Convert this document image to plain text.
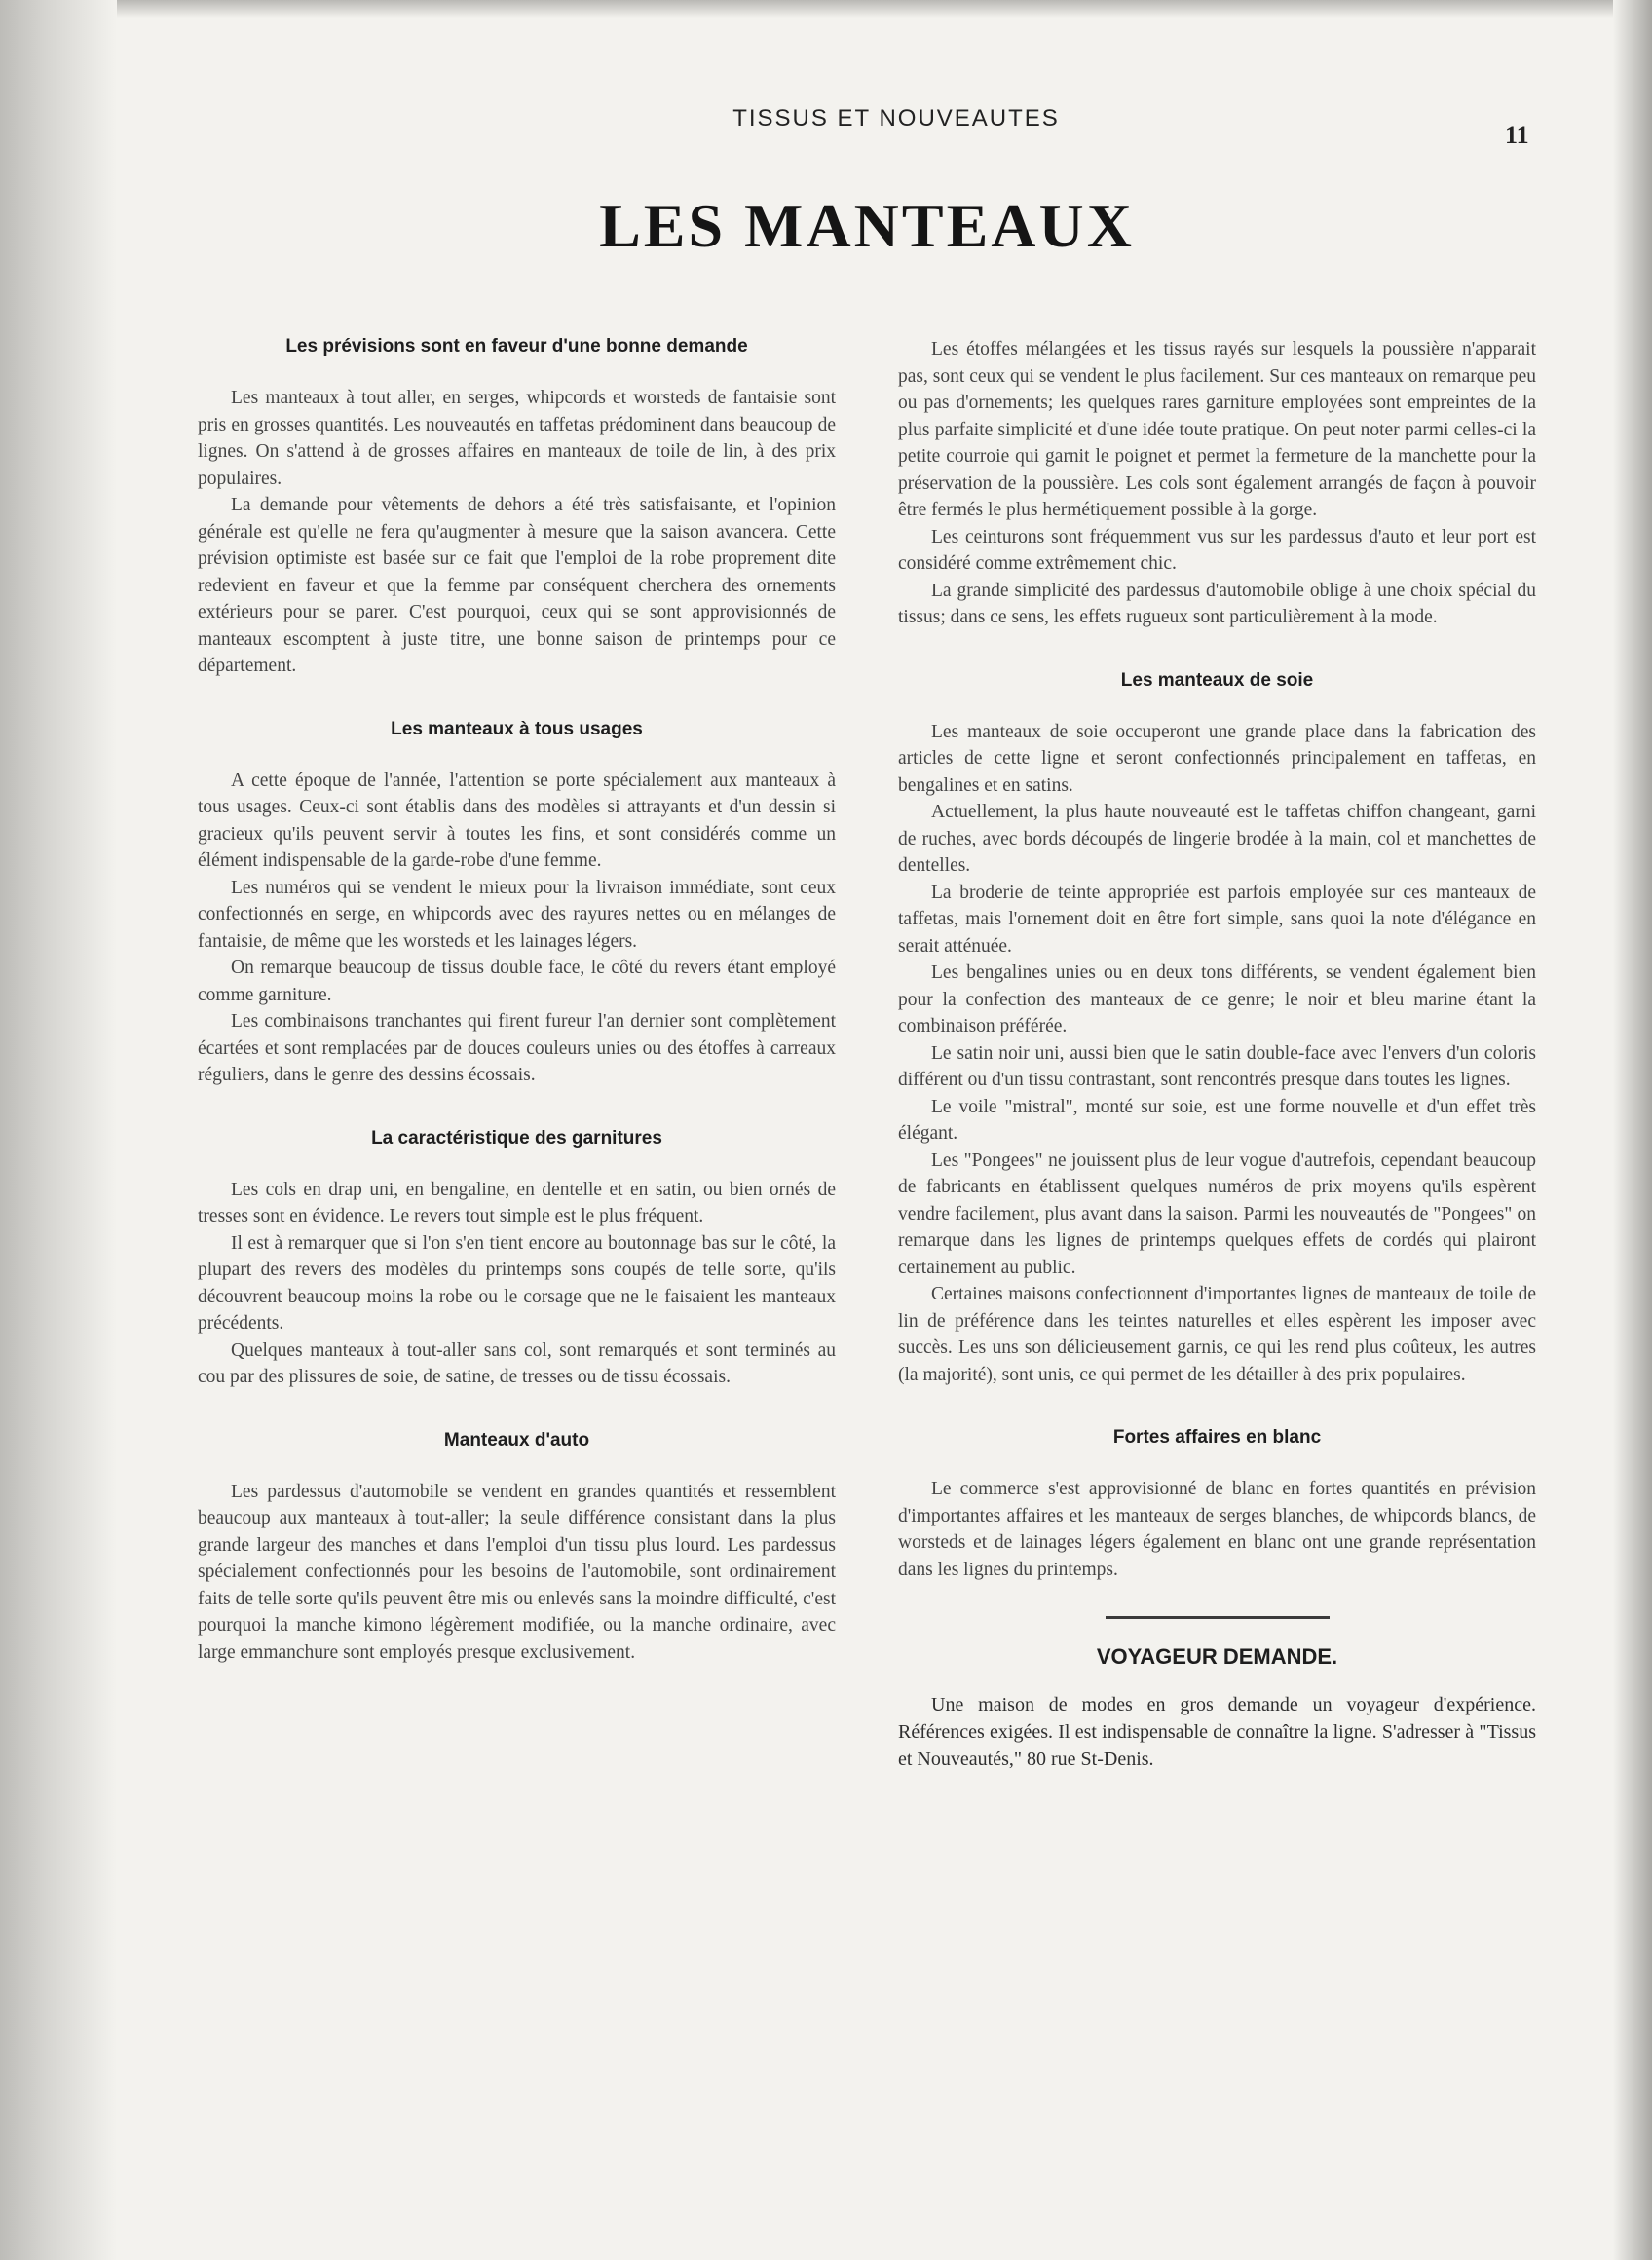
TISSUS ET NOUVEAUTES
11
LES MANTEAUX
Les prévisions sont en faveur d'une bonne demande

Les manteaux à tout aller, en serges, whipcords et worsteds de fantaisie sont pris en grosses quantités. Les nouveautés en taffetas prédominent dans beaucoup de lignes. On s'attend à de grosses affaires en manteaux de toile de lin, à des prix populaires.

La demande pour vêtements de dehors a été très satisfaisante, et l'opinion générale est qu'elle ne fera qu'augmenter à mesure que la saison avancera. Cette prévision optimiste est basée sur ce fait que l'emploi de la robe proprement dite redevient en faveur et que la femme par conséquent cherchera des ornements extérieurs pour se parer. C'est pourquoi, ceux qui se sont approvisionnés de manteaux escomptent à juste titre, une bonne saison de printemps pour ce département.

Les manteaux à tous usages

A cette époque de l'année, l'attention se porte spécialement aux manteaux à tous usages. Ceux-ci sont établis dans des modèles si attrayants et d'un dessin si gracieux qu'ils peuvent servir à toutes les fins, et sont considérés comme un élément indispensable de la garde-robe d'une femme.

Les numéros qui se vendent le mieux pour la livraison immédiate, sont ceux confectionnés en serge, en whipcords avec des rayures nettes ou en mélanges de fantaisie, de même que les worsteds et les lainages légers.

On remarque beaucoup de tissus double face, le côté du revers étant employé comme garniture.

Les combinaisons tranchantes qui firent fureur l'an dernier sont complètement écartées et sont remplacées par de douces couleurs unies ou des étoffes à carreaux réguliers, dans le genre des dessins écossais.

La caractéristique des garnitures

Les cols en drap uni, en bengaline, en dentelle et en satin, ou bien ornés de tresses sont en évidence. Le revers tout simple est le plus fréquent.

Il est à remarquer que si l'on s'en tient encore au boutonnage bas sur le côté, la plupart des revers des modèles du printemps sons coupés de telle sorte, qu'ils découvrent beaucoup moins la robe ou le corsage que ne le faisaient les manteaux précédents.

Quelques manteaux à tout-aller sans col, sont remarqués et sont terminés au cou par des plissures de soie, de satine, de tresses ou de tissu écossais.

Manteaux d'auto

Les pardessus d'automobile se vendent en grandes quantités et ressemblent beaucoup aux manteaux à tout-aller; la seule différence consistant dans la plus grande largeur des manches et dans l'emploi d'un tissu plus lourd. Les pardessus spécialement confectionnés pour les besoins de l'automobile, sont ordinairement faits de telle sorte qu'ils peuvent être mis ou enlevés sans la moindre difficulté, c'est pourquoi la manche kimono légèrement modifiée, ou la manche ordinaire, avec large emmanchure sont employés presque exclusivement.

Les étoffes mélangées et les tissus rayés sur lesquels la poussière n'apparait pas, sont ceux qui se vendent le plus facilement. Sur ces manteaux on remarque peu ou pas d'ornements; les quelques rares garniture employées sont empreintes de la plus parfaite simplicité et d'une idée toute pratique. On peut noter parmi celles-ci la petite courroie qui garnit le poignet et permet la fermeture de la manchette pour la préservation de la poussière. Les cols sont également arrangés de façon à pouvoir être fermés le plus hermétiquement possible à la gorge.

Les ceinturons sont fréquemment vus sur les pardessus d'auto et leur port est considéré comme extrêmement chic.

La grande simplicité des pardessus d'automobile oblige à une choix spécial du tissus; dans ce sens, les effets rugueux sont particulièrement à la mode.

Les manteaux de soie

Les manteaux de soie occuperont une grande place dans la fabrication des articles de cette ligne et seront confectionnés principalement en taffetas, en bengalines et en satins.

Actuellement, la plus haute nouveauté est le taffetas chiffon changeant, garni de ruches, avec bords découpés de lingerie brodée à la main, col et manchettes de dentelles.

La broderie de teinte appropriée est parfois employée sur ces manteaux de taffetas, mais l'ornement doit en être fort simple, sans quoi la note d'élégance en serait atténuée.

Les bengalines unies ou en deux tons différents, se vendent également bien pour la confection des manteaux de ce genre; le noir et bleu marine étant la combinaison préférée.

Le satin noir uni, aussi bien que le satin double-face avec l'envers d'un coloris différent ou d'un tissu contrastant, sont rencontrés presque dans toutes les lignes.

Le voile "mistral", monté sur soie, est une forme nouvelle et d'un effet très élégant.

Les "Pongees" ne jouissent plus de leur vogue d'autrefois, cependant beaucoup de fabricants en établissent quelques numéros de prix moyens qu'ils espèrent vendre facilement, plus avant dans la saison. Parmi les nouveautés de "Pongees" on remarque dans les lignes de printemps quelques effets de cordés qui plairont certainement au public.

Certaines maisons confectionnent d'importantes lignes de manteaux de toile de lin de préférence dans les teintes naturelles et elles espèrent les imposer avec succès. Les uns son délicieusement garnis, ce qui les rend plus coûteux, les autres (la majorité), sont unis, ce qui permet de les détailler à des prix populaires.

Fortes affaires en blanc

Le commerce s'est approvisionné de blanc en fortes quantités en prévision d'importantes affaires et les manteaux de serges blanches, de whipcords blancs, de worsteds et de lainages légers également en blanc ont une grande représentation dans les lignes du printemps.

VOYAGEUR DEMANDE.

Une maison de modes en gros demande un voyageur d'expérience. Références exigées. Il est indispensable de connaître la ligne. S'adresser à "Tissus et Nouveautés," 80 rue St-Denis.
